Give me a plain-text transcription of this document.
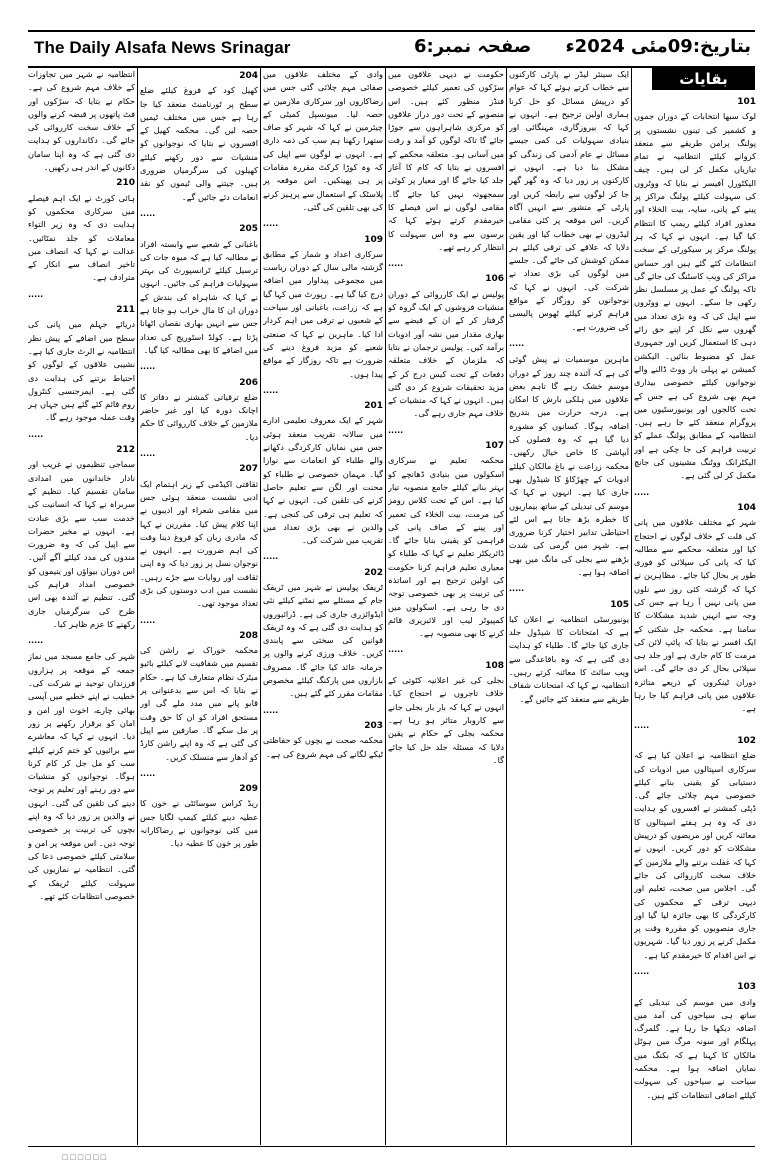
The Daily Alsafa News Srinagar	صفحہ نمبر:6 بتاریخ:09مئی 2024ء
بقایات
101

لوک سبھا انتخابات کے دوران جموں و کشمیر کی تینوں نشستوں پر پولنگ پرامن طریقے سے منعقد کروانے کیلئے انتظامیہ نے تمام تیاریاں مکمل کر لی ہیں۔ چیف الیکٹورل آفیسر نے بتایا کہ ووٹروں کی سہولت کیلئے پولنگ مراکز پر پینے کے پانی، سایہ، بیت الخلاء اور معذور افراد کیلئے ریمپ کا انتظام کیا گیا ہے۔ انہوں نے کہا کہ ہر پولنگ مرکز پر سیکورٹی کے سخت انتظامات کئے گئے ہیں اور حساس مراکز کی ویب کاسٹنگ کی جائے گی تاکہ پولنگ کے عمل پر مسلسل نظر رکھی جا سکے۔ انہوں نے ووٹروں سے اپیل کی کہ وہ بڑی تعداد میں گھروں سے نکل کر اپنے حق رائے دہی کا استعمال کریں اور جمہوری عمل کو مضبوط بنائیں۔ الیکشن کمیشن نے پہلی بار ووٹ ڈالنے والے نوجوانوں کیلئے خصوصی بیداری مہم بھی شروع کی ہے جس کے تحت کالجوں اور یونیورسٹیوں میں پروگرام منعقد کئے جا رہے ہیں۔ انتظامیہ کے مطابق پولنگ عملے کو تربیت فراہم کی جا چکی ہے اور الیکٹرانک ووٹنگ مشینوں کی جانچ مکمل کر لی گئی ہے۔

.....
104

شہر کے مختلف علاقوں میں پانی کی قلت کے خلاف لوگوں نے احتجاج کیا اور متعلقہ محکمے سے مطالبہ کیا کہ پانی کی سپلائی کو فوری طور پر بحال کیا جائے۔ مظاہرین نے کہا کہ گزشتہ کئی روز سے نلوں میں پانی نہیں آ رہا ہے جس کی وجہ سے انہیں شدید مشکلات کا سامنا ہے۔ محکمہ جل شکتی کے ایک افسر نے بتایا کہ پائپ لائن کی مرمت کا کام جاری ہے اور جلد ہی سپلائی بحال کر دی جائے گی۔ اس دوران ٹینکروں کے ذریعے متاثرہ علاقوں میں پانی فراہم کیا جا رہا ہے۔

.....
102

ضلع انتظامیہ نے اعلان کیا ہے کہ سرکاری اسپتالوں میں ادویات کی دستیابی کو یقینی بنانے کیلئے خصوصی مہم چلائی جائے گی۔ ڈپٹی کمشنر نے افسروں کو ہدایت دی کہ وہ ہر ہفتے اسپتالوں کا معائنہ کریں اور مریضوں کو درپیش مشکلات کو دور کریں۔ انہوں نے کہا کہ غفلت برتنے والے ملازمین کے خلاف سخت کارروائی کی جائے گی۔ اجلاس میں صحت، تعلیم اور دیہی ترقی کے محکموں کی کارکردگی کا بھی جائزہ لیا گیا اور جاری منصوبوں کو مقررہ وقت پر مکمل کرنے پر زور دیا گیا۔ شہریوں نے اس اقدام کا خیرمقدم کیا ہے۔

.....
103

وادی میں موسم کی تبدیلی کے ساتھ ہی سیاحوں کی آمد میں اضافہ دیکھا جا رہا ہے۔ گلمرگ، پہلگام اور سونہ مرگ میں ہوٹل مالکان کا کہنا ہے کہ بکنگ میں نمایاں اضافہ ہوا ہے۔ محکمہ سیاحت نے سیاحوں کی سہولت کیلئے اضافی انتظامات کئے ہیں۔

ایک سینئر لیڈر نے پارٹی کارکنوں سے خطاب کرتے ہوئے کہا کہ عوام کو درپیش مسائل کو حل کرنا ہماری اولین ترجیح ہے۔ انہوں نے کہا کہ بیروزگاری، مہنگائی اور بنیادی سہولیات کی کمی جیسے مسائل نے عام آدمی کی زندگی کو مشکل بنا دیا ہے۔ انہوں نے کارکنوں پر زور دیا کہ وہ گھر گھر جا کر لوگوں سے رابطہ کریں اور پارٹی کے منشور سے انہیں آگاہ کریں۔ اس موقعہ پر کئی مقامی لیڈروں نے بھی خطاب کیا اور یقین دلایا کہ علاقے کی ترقی کیلئے ہر ممکن کوشش کی جائے گی۔ جلسے میں لوگوں کی بڑی تعداد نے شرکت کی۔ انہوں نے کہا کہ نوجوانوں کو روزگار کے مواقع فراہم کرنے کیلئے ٹھوس پالیسی کی ضرورت ہے۔

.....

ماہرین موسمیات نے پیش گوئی کی ہے کہ آئندہ چند روز کے دوران موسم خشک رہے گا تاہم بعض علاقوں میں ہلکی بارش کا امکان ہے۔ درجہ حرارت میں بتدریج اضافہ ہوگا۔ کسانوں کو مشورہ دیا گیا ہے کہ وہ فصلوں کی آبپاشی کا خاص خیال رکھیں۔ محکمہ زراعت نے باغ مالکان کیلئے ادویات کے چھڑکاؤ کا شیڈول بھی جاری کیا ہے۔ انہوں نے کہا کہ موسم کی تبدیلی کے ساتھ بیماریوں کا خطرہ بڑھ جاتا ہے اس لئے احتیاطی تدابیر اختیار کرنا ضروری ہے۔ شہر میں گرمی کی شدت بڑھنے سے بجلی کی مانگ میں بھی اضافہ ہوا ہے۔

.....
105

یونیورسٹی انتظامیہ نے اعلان کیا ہے کہ امتحانات کا شیڈول جلد جاری کیا جائے گا۔ طلباء کو ہدایت دی گئی ہے کہ وہ باقاعدگی سے ویب سائٹ کا معائنہ کرتے رہیں۔ انتظامیہ نے کہا کہ امتحانات شفاف طریقے سے منعقد کئے جائیں گے۔

حکومت نے دیہی علاقوں میں سڑکوں کی تعمیر کیلئے خصوصی فنڈز منظور کئے ہیں۔ اس منصوبے کے تحت دور دراز علاقوں کو مرکزی شاہراہوں سے جوڑا جائے گا تاکہ لوگوں کو آمد و رفت میں آسانی ہو۔ متعلقہ محکمے کے افسروں نے بتایا کہ کام کا آغاز جلد کیا جائے گا اور معیار پر کوئی سمجھوتہ نہیں کیا جائے گا۔ مقامی لوگوں نے اس فیصلے کا خیرمقدم کرتے ہوئے کہا کہ برسوں سے وہ اس سہولت کا انتظار کر رہے تھے۔

.....
106

پولیس نے ایک کارروائی کے دوران منشیات فروشوں کے ایک گروہ کو گرفتار کر کے ان کے قبضے سے بھاری مقدار میں نشہ آور ادویات برآمد کیں۔ پولیس ترجمان نے بتایا کہ ملزمان کے خلاف متعلقہ دفعات کے تحت کیس درج کر کے مزید تحقیقات شروع کر دی گئی ہیں۔ انہوں نے کہا کہ منشیات کے خلاف مہم جاری رہے گی۔

.....
107

محکمہ تعلیم نے سرکاری اسکولوں میں بنیادی ڈھانچے کو بہتر بنانے کیلئے جامع منصوبہ تیار کیا ہے۔ اس کے تحت کلاس رومز کی مرمت، بیت الخلاء کی تعمیر اور پینے کے صاف پانی کی فراہمی کو یقینی بنایا جائے گا۔ ڈائریکٹر تعلیم نے کہا کہ طلباء کو معیاری تعلیم فراہم کرنا حکومت کی اولین ترجیح ہے اور اساتذہ کی تربیت پر بھی خصوصی توجہ دی جا رہی ہے۔ اسکولوں میں کمپیوٹر لیب اور لائبریری قائم کرنے کا بھی منصوبہ ہے۔

.....
108

بجلی کی غیر اعلانیہ کٹوتی کے خلاف تاجروں نے احتجاج کیا۔ انہوں نے کہا کہ بار بار بجلی جانے سے کاروبار متاثر ہو رہا ہے۔ محکمہ بجلی کے حکام نے یقین دلایا کہ مسئلہ جلد حل کیا جائے گا۔

وادی کے مختلف علاقوں میں صفائی مہم چلائی گئی جس میں رضاکاروں اور سرکاری ملازمین نے حصہ لیا۔ میونسپل کمیٹی کے چیئرمین نے کہا کہ شہر کو صاف ستھرا رکھنا ہم سب کی ذمہ داری ہے۔ انہوں نے لوگوں سے اپیل کی کہ وہ کوڑا کرکٹ مقررہ مقامات پر ہی پھینکیں۔ اس موقعہ پر پلاسٹک کے استعمال سے پرہیز کرنے کی بھی تلقین کی گئی۔

.....
109

سرکاری اعداد و شمار کے مطابق گزشتہ مالی سال کے دوران ریاست میں مجموعی پیداوار میں اضافہ درج کیا گیا ہے۔ رپورٹ میں کہا گیا ہے کہ زراعت، باغبانی اور سیاحت کے شعبوں نے ترقی میں اہم کردار ادا کیا۔ ماہرین نے کہا کہ صنعتی شعبے کو مزید فروغ دینے کی ضرورت ہے تاکہ روزگار کے مواقع پیدا ہوں۔

.....
201

شہر کے ایک معروف تعلیمی ادارے میں سالانہ تقریب منعقد ہوئی جس میں نمایاں کارکردگی دکھانے والے طلباء کو انعامات سے نوازا گیا۔ مہمان خصوصی نے طلباء کو محنت اور لگن سے تعلیم حاصل کرنے کی تلقین کی۔ انہوں نے کہا کہ تعلیم ہی ترقی کی کنجی ہے۔ والدین نے بھی بڑی تعداد میں تقریب میں شرکت کی۔

.....
202

ٹریفک پولیس نے شہر میں ٹریفک جام کے مسئلے سے نمٹنے کیلئے نئی ایڈوائزری جاری کی ہے۔ ڈرائیوروں کو ہدایت دی گئی ہے کہ وہ ٹریفک قوانین کی سختی سے پابندی کریں۔ خلاف ورزی کرنے والوں پر جرمانہ عائد کیا جائے گا۔ مصروف بازاروں میں پارکنگ کیلئے مخصوص مقامات مقرر کئے گئے ہیں۔

.....
203

محکمہ صحت نے بچوں کو حفاظتی ٹیکے لگانے کی مہم شروع کی ہے۔

204

کھیل کود کے فروغ کیلئے ضلع سطح پر ٹورنامنٹ منعقد کیا جا رہا ہے جس میں مختلف ٹیمیں حصہ لیں گی۔ محکمہ کھیل کے افسروں نے بتایا کہ نوجوانوں کو منشیات سے دور رکھنے کیلئے کھیلوں کی سرگرمیاں ضروری ہیں۔ جیتنے والی ٹیموں کو نقد انعامات دئے جائیں گے۔

.....
205

باغبانی کے شعبے سے وابستہ افراد نے مطالبہ کیا ہے کہ میوہ جات کی ترسیل کیلئے ٹرانسپورٹ کی بہتر سہولیات فراہم کی جائیں۔ انہوں نے کہا کہ شاہراہ کی بندش کے دوران ان کا مال خراب ہو جاتا ہے جس سے انہیں بھاری نقصان اٹھانا پڑتا ہے۔ کولڈ اسٹوریج کی تعداد میں اضافے کا بھی مطالبہ کیا گیا۔

.....
206

ضلع ترقیاتی کمشنر نے دفاتر کا اچانک دورہ کیا اور غیر حاضر ملازمین کے خلاف کارروائی کا حکم دیا۔

.....
207

ثقافتی اکیڈمی کے زیر اہتمام ایک ادبی نشست منعقد ہوئی جس میں مقامی شعراء اور ادیبوں نے اپنا کلام پیش کیا۔ مقررین نے کہا کہ مادری زبان کو فروغ دینا وقت کی اہم ضرورت ہے۔ انہوں نے نوجوان نسل پر زور دیا کہ وہ اپنی ثقافت اور روایات سے جڑے رہیں۔ نشست میں ادب دوستوں کی بڑی تعداد موجود تھی۔

.....
208

محکمہ خوراک نے راشن کی تقسیم میں شفافیت لانے کیلئے بائیو میٹرک نظام متعارف کیا ہے۔ حکام نے بتایا کہ اس سے بدعنوانی پر قابو پانے میں مدد ملے گی اور مستحق افراد کو ان کا حق وقت پر مل سکے گا۔ صارفین سے اپیل کی گئی ہے کہ وہ اپنے راشن کارڈ کو آدھار سے منسلک کریں۔

.....
209

ریڈ کراس سوسائٹی نے خون کا عطیہ دینے کیلئے کیمپ لگایا جس میں کئی نوجوانوں نے رضاکارانہ طور پر خون کا عطیہ دیا۔

انتظامیہ نے شہر میں تجاوزات کے خلاف مہم شروع کی ہے۔ حکام نے بتایا کہ سڑکوں اور فٹ پاتھوں پر قبضہ کرنے والوں کے خلاف سخت کارروائی کی جائے گی۔ دکانداروں کو ہدایت دی گئی ہے کہ وہ اپنا سامان دکانوں کے اندر ہی رکھیں۔

210

ہائی کورٹ نے ایک اہم فیصلے میں سرکاری محکموں کو ہدایت دی کہ وہ زیر التواء معاملات کو جلد نمٹائیں۔ عدالت نے کہا کہ انصاف میں تاخیر انصاف سے انکار کے مترادف ہے۔

.....
211

دریائے جہلم میں پانی کی سطح میں اضافے کے پیش نظر انتظامیہ نے الرٹ جاری کیا ہے۔ نشیبی علاقوں کے لوگوں کو احتیاط برتنے کی ہدایت دی گئی ہے۔ ایمرجنسی کنٹرول روم قائم کئے گئے ہیں جہاں ہر وقت عملہ موجود رہے گا۔

.....
212

سماجی تنظیموں نے غریب اور نادار خاندانوں میں امدادی سامان تقسیم کیا۔ تنظیم کے سربراہ نے کہا کہ انسانیت کی خدمت سب سے بڑی عبادت ہے۔ انہوں نے مخیر حضرات سے اپیل کی کہ وہ ضرورت مندوں کی مدد کیلئے آگے آئیں۔ اس دوران بیواؤں اور یتیموں کو خصوصی امداد فراہم کی گئی۔ تنظیم نے آئندہ بھی اس طرح کی سرگرمیاں جاری رکھنے کا عزم ظاہر کیا۔

.....

شہر کی جامع مسجد میں نماز جمعہ کے موقعہ پر ہزاروں فرزندان توحید نے شرکت کی۔ خطیب نے اپنے خطبے میں آپسی بھائی چارے، اخوت اور امن و امان کو برقرار رکھنے پر زور دیا۔ انہوں نے کہا کہ معاشرے سے برائیوں کو ختم کرنے کیلئے سب کو مل جل کر کام کرنا ہوگا۔ نوجوانوں کو منشیات سے دور رہنے اور تعلیم پر توجہ دینے کی تلقین کی گئی۔ انہوں نے والدین پر زور دیا کہ وہ اپنے بچوں کی تربیت پر خصوصی توجہ دیں۔ اس موقعہ پر امن و سلامتی کیلئے خصوصی دعا کی گئی۔ انتظامیہ نے نمازیوں کی سہولت کیلئے ٹریفک کے خصوصی انتظامات کئے تھے۔

□□□□□□
